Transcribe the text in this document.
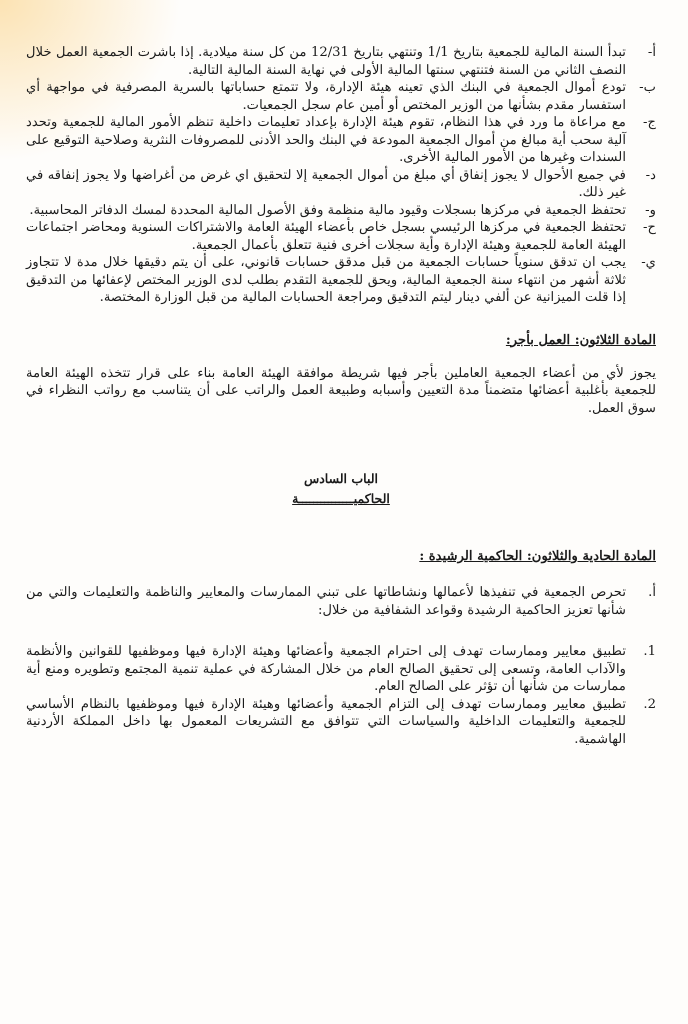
أ-
تبدأ السنة المالية للجمعية بتاريخ 1/1 وتنتهي بتاريخ 12/31 من كل سنة ميلادية. إذا باشرت الجمعية العمل خلال النصف الثاني من السنة فتنتهي سنتها المالية الأولى في نهاية السنة المالية التالية.
ب-
تودع أموال الجمعية في البنك الذي تعينه هيئة الإدارة، ولا تتمتع حساباتها بالسرية المصرفية في مواجهة أي استفسار مقدم بشأنها من الوزير المختص أو أمين عام سجل الجمعيات.
ج-
مع مراعاة ما ورد في هذا النظام، تقوم هيئة الإدارة بإعداد تعليمات داخلية تنظم الأمور المالية للجمعية وتحدد آلية سحب أية مبالغ من أموال الجمعية المودعة في البنك والحد الأدنى للمصروفات النثرية وصلاحية التوقيع على السندات وغيرها من الأمور المالية الأخرى.
د-
في جميع الأحوال لا يجوز إنفاق أي مبلغ من أموال الجمعية إلا لتحقيق اي غرض من أغراضها ولا يجوز إنفاقه في غير ذلك.
و-
تحتفظ الجمعية في مركزها بسجلات وقيود مالية منظمة وفق الأصول المالية المحددة لمسك الدفاتر المحاسبية.
ح-
تحتفظ الجمعية في مركزها الرئيسي بسجل خاص بأعضاء الهيئة العامة والاشتراكات السنوية ومحاضر اجتماعات الهيئة العامة للجمعية وهيئة الإدارة وأية سجلات أخرى فنية تتعلق بأعمال الجمعية.
ي-
يجب ان تدقق سنوياً حسابات الجمعية من قبل مدقق حسابات قانوني، على أن يتم دقيقها خلال مدة لا تتجاوز ثلاثة أشهر من انتهاء سنة الجمعية المالية، ويحق للجمعية التقدم بطلب لدى الوزير المختص لإعفائها من التدقيق إذا قلت الميزانية عن ألفي دينار ليتم التدقيق ومراجعة الحسابات المالية من قبل الوزارة المختصة.
المادة الثلاثون: العمل بأجر:
يجوز لأي من أعضاء الجمعية العاملين بأجر فيها شريطة موافقة الهيئة العامة بناء على قرار تتخذه الهيئة العامة للجمعية بأغلبية أعضائها متضمناً مدة التعيين وأسبابه وطبيعة العمل والراتب على أن يتناسب مع رواتب النظراء في سوق العمل.
الباب السادس
الحاكميـــــــــــــــة
المادة الحادية والثلاثون: الحاكمية الرشيدة :
أ.
تحرص الجمعية في تنفيذها لأعمالها ونشاطاتها على تبني الممارسات والمعايير والناظمة والتعليمات والتي من شأنها تعزيز الحاكمية الرشيدة وقواعد الشفافية من خلال:
1.
تطبيق معايير وممارسات تهدف إلى احترام الجمعية وأعضائها وهيئة الإدارة فيها وموظفيها للقوانين والأنظمة والآداب العامة، وتسعى إلى تحقيق الصالح العام من خلال المشاركة في عملية تنمية المجتمع وتطويره ومنع أية ممارسات من شأنها أن تؤثر على الصالح العام.
2.
تطبيق معايير وممارسات تهدف إلى التزام الجمعية وأعضائها وهيئة الإدارة فيها وموظفيها بالنظام الأساسي للجمعية والتعليمات الداخلية والسياسات التي تتوافق مع التشريعات المعمول بها داخل المملكة الأردنية الهاشمية.
